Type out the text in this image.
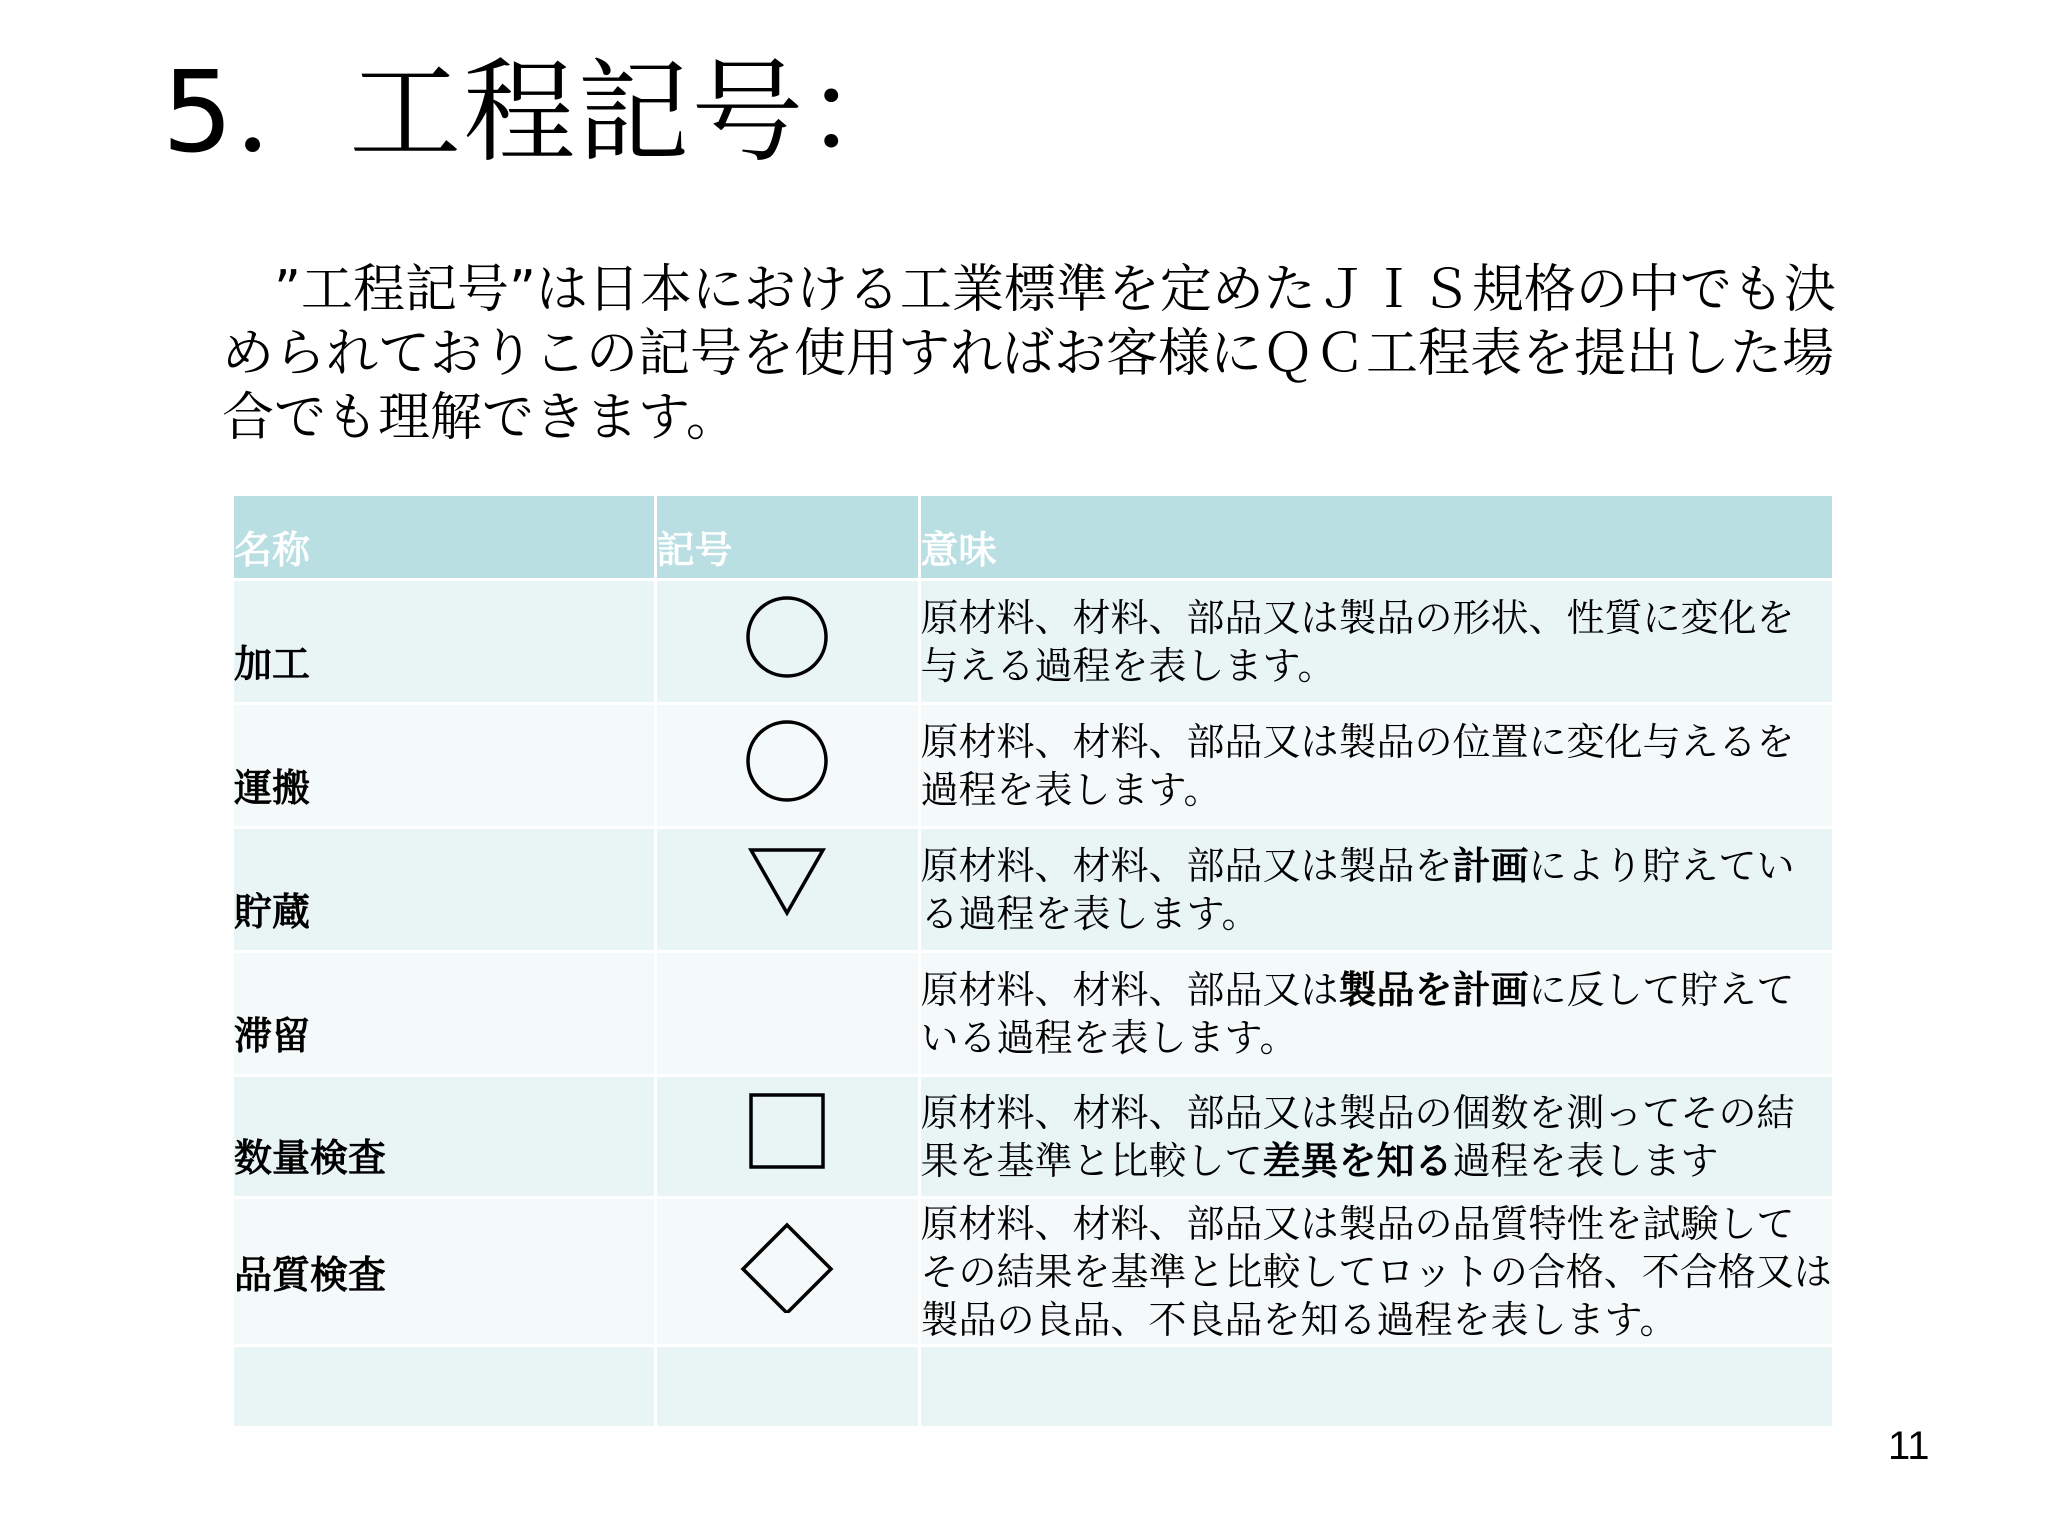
5．工程記号：

　”工程記号”は日本における工業標準を定めたＪＩＳ規格の中でも決められておりこの記号を使用すればお客様にＱＣ工程表を提出した場合でも理解できます。

名称	記号	意味
加工		原材料、材料、部品又は製品の形状、性質に変化を与える過程を表します。
運搬		原材料、材料、部品又は製品の位置に変化与えるを過程を表します。
貯蔵		原材料、材料、部品又は製品を計画により貯えている過程を表します。
滞留		原材料、材料、部品又は製品を計画に反して貯えている過程を表します。
数量検査		原材料、材料、部品又は製品の個数を測ってその結果を基準と比較して差異を知る過程を表します
品質検査		原材料、材料、部品又は製品の品質特性を試験してその結果を基準と比較してロットの合格、不合格又は製品の良品、不良品を知る過程を表します。

11
